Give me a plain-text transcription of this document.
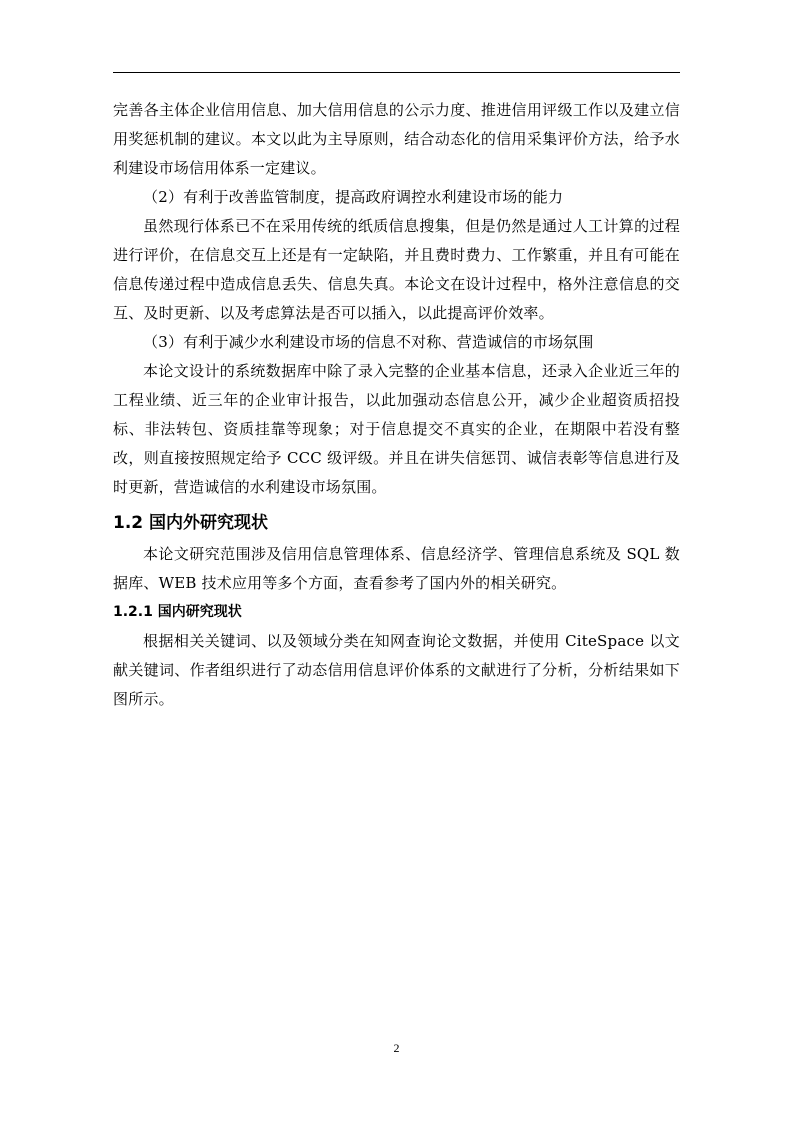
完善各主体企业信用信息、加大信用信息的公示力度、推进信用评级工作以及建立信用奖惩机制的建议。本文以此为主导原则，结合动态化的信用采集评价方法，给予水利建设市场信用体系一定建议。

（2）有利于改善监管制度，提高政府调控水利建设市场的能力

虽然现行体系已不在采用传统的纸质信息搜集，但是仍然是通过人工计算的过程进行评价，在信息交互上还是有一定缺陷，并且费时费力、工作繁重，并且有可能在信息传递过程中造成信息丢失、信息失真。本论文在设计过程中，格外注意信息的交互、及时更新、以及考虑算法是否可以插入，以此提高评价效率。

（3）有利于减少水利建设市场的信息不对称、营造诚信的市场氛围

本论文设计的系统数据库中除了录入完整的企业基本信息，还录入企业近三年的工程业绩、近三年的企业审计报告，以此加强动态信息公开，减少企业超资质招投标、非法转包、资质挂靠等现象；对于信息提交不真实的企业，在期限中若没有整改，则直接按照规定给予 CCC 级评级。并且在讲失信惩罚、诚信表彰等信息进行及时更新，营造诚信的水利建设市场氛围。

1.2 国内外研究现状

本论文研究范围涉及信用信息管理体系、信息经济学、管理信息系统及 SQL 数据库、WEB 技术应用等多个方面，查看参考了国内外的相关研究。

1.2.1 国内研究现状

根据相关关键词、以及领域分类在知网查询论文数据，并使用 CiteSpace 以文献关键词、作者组织进行了动态信用信息评价体系的文献进行了分析，分析结果如下图所示。

2
